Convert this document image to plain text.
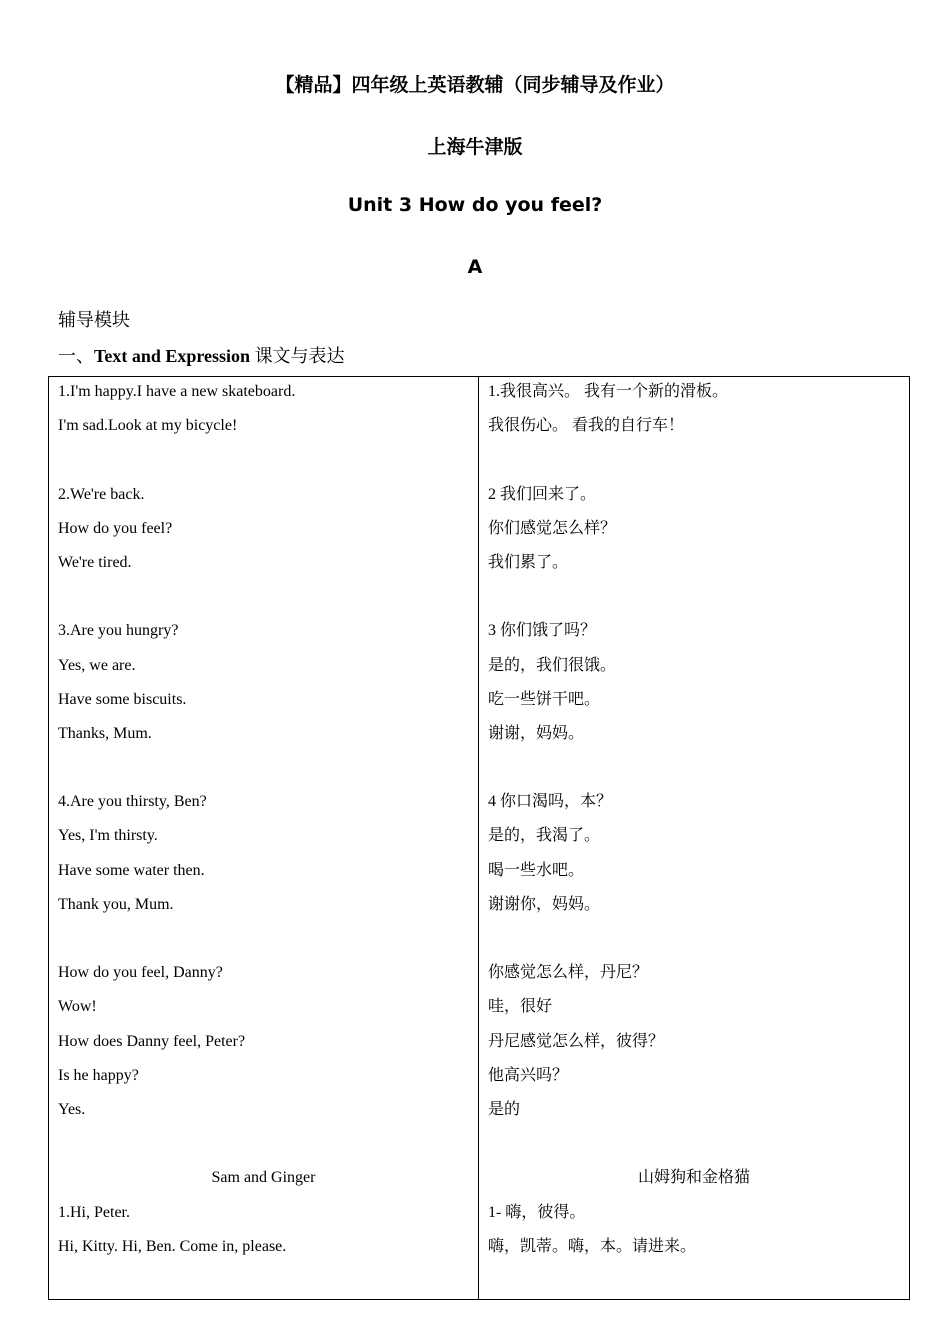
【精品】四年级上英语教辅（同步辅导及作业）
上海牛津版
Unit 3 How do you feel?
A
辅导模块
一、Text and Expression 课文与表达
1.I'm happy.I have a new skateboard.
I'm sad.Look at my bicycle!
2.We're back.
How do you feel?
We're tired.
3.Are you hungry?
Yes, we are.
Have some biscuits.
Thanks, Mum.
4.Are you thirsty, Ben?
Yes, I'm thirsty.
Have some water then.
Thank you, Mum.
How do you feel, Danny?
Wow!
How does Danny feel, Peter?
Is he happy?
Yes.
Sam and Ginger
1.Hi, Peter.
Hi, Kitty. Hi, Ben. Come in, please.
1.我很高兴。 我有一个新的滑板。
我很伤心。 看我的自行车！
2 我们回来了。
你们感觉怎么样？
我们累了。
3 你们饿了吗？
是的，我们很饿。
吃一些饼干吧。
谢谢，妈妈。
4 你口渴吗，本？
是的，我渴了。
喝一些水吧。
谢谢你，妈妈。
你感觉怎么样，丹尼？
哇，很好
丹尼感觉怎么样，彼得？
他高兴吗？
是的
山姆狗和金格猫
1- 嗨，彼得。
嗨，凯蒂。嗨，本。请进来。
